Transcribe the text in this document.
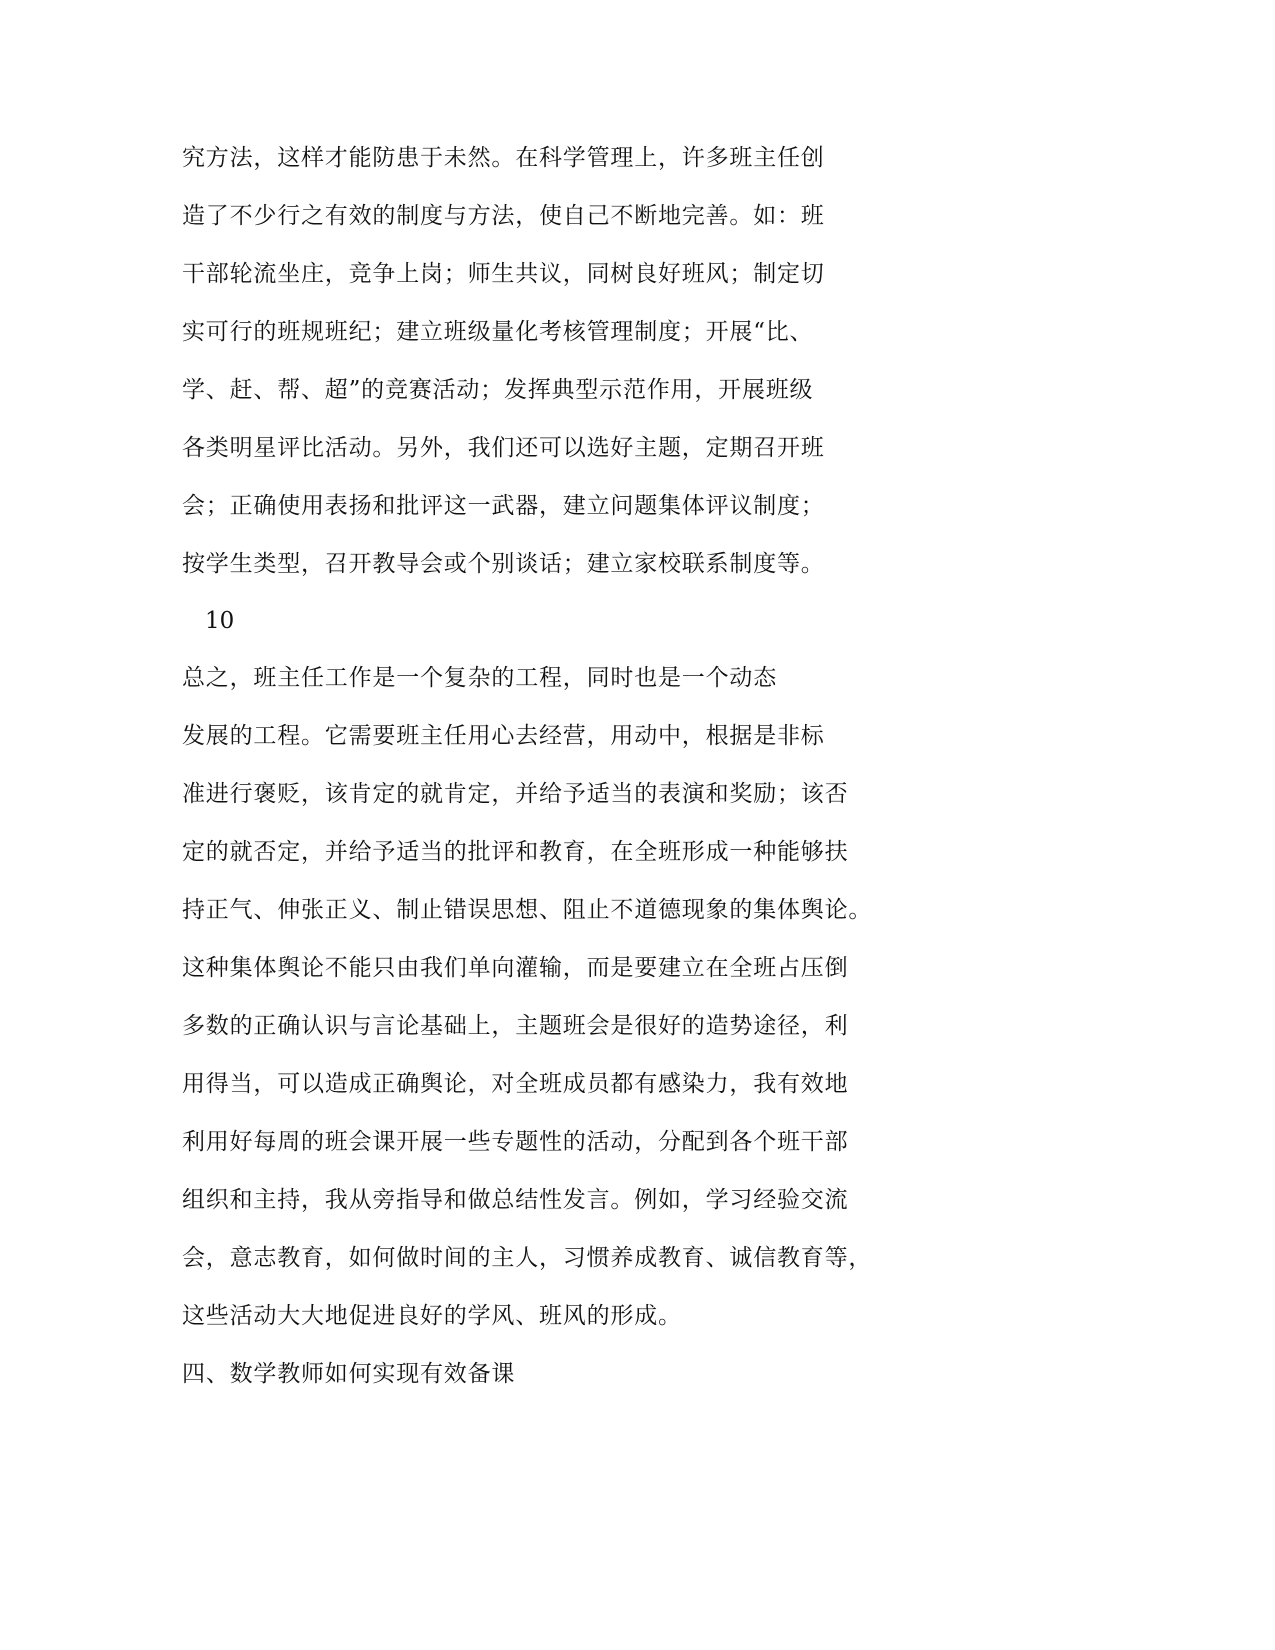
究方法，这样才能防患于未然。在科学管理上，许多班主任创

造了不少行之有效的制度与方法，使自己不断地完善。如：班

干部轮流坐庄，竞争上岗；师生共议，同树良好班风；制定切

实可行的班规班纪；建立班级量化考核管理制度；开展“比、

学、赶、帮、超”的竞赛活动；发挥典型示范作用，开展班级

各类明星评比活动。另外，我们还可以选好主题，定期召开班

会；正确使用表扬和批评这一武器，建立问题集体评议制度；

按学生类型，召开教导会或个别谈话；建立家校联系制度等。

10

总之，班主任工作是一个复杂的工程，同时也是一个动态

发展的工程。它需要班主任用心去经营，用动中，根据是非标

准进行褒贬，该肯定的就肯定，并给予适当的表演和奖励；该否

定的就否定，并给予适当的批评和教育，在全班形成一种能够扶

持正气、伸张正义、制止错误思想、阻止不道德现象的集体舆论。

这种集体舆论不能只由我们单向灌输，而是要建立在全班占压倒

多数的正确认识与言论基础上，主题班会是很好的造势途径，利

用得当，可以造成正确舆论，对全班成员都有感染力，我有效地

利用好每周的班会课开展一些专题性的活动，分配到各个班干部

组织和主持，我从旁指导和做总结性发言。例如，学习经验交流

会，意志教育，如何做时间的主人，习惯养成教育、诚信教育等，

这些活动大大地促进良好的学风、班风的形成。

四、数学教师如何实现有效备课
